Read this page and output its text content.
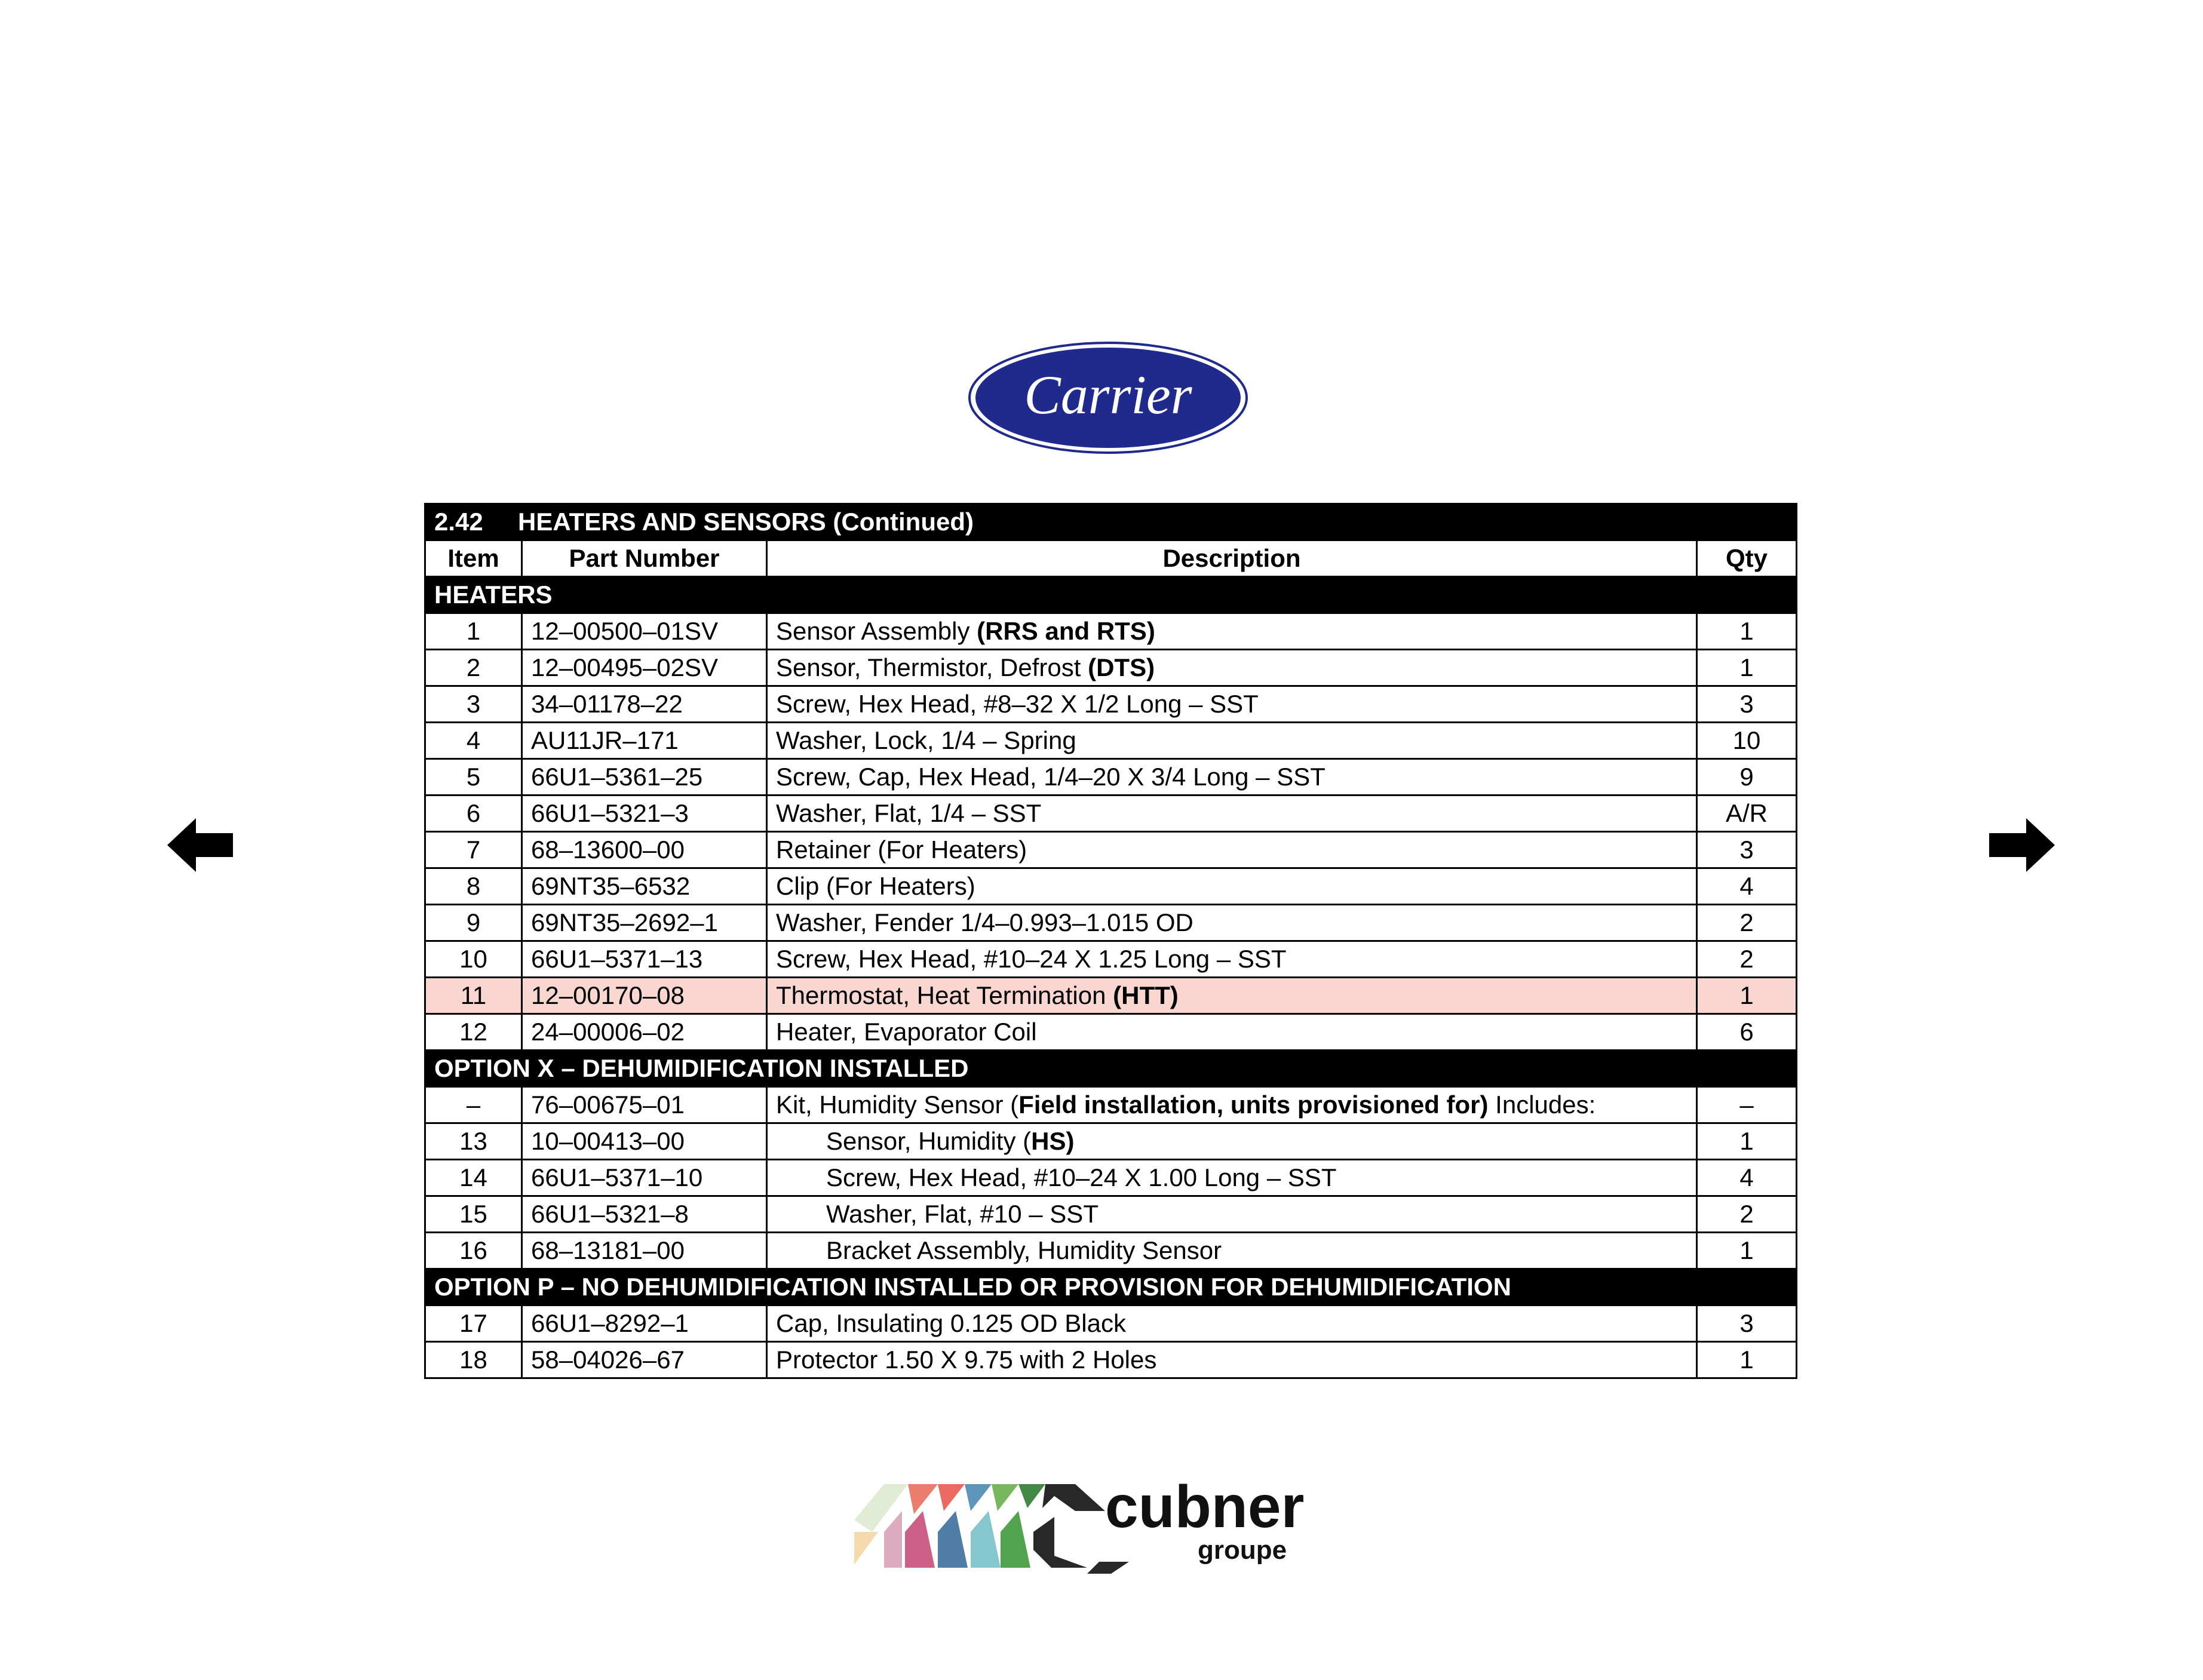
Carrier
2.42 HEATERS AND SENSORS (Continued)			
Item	Part Number	Description	Qty
HEATERS			
1	12–00500–01SV	Sensor Assembly (RRS and RTS)	1
2	12–00495–02SV	Sensor, Thermistor, Defrost (DTS)	1
3	34–01178–22	Screw, Hex Head, #8–32 X 1/2 Long – SST	3
4	AU11JR–171	Washer, Lock, 1/4 – Spring	10
5	66U1–5361–25	Screw, Cap, Hex Head, 1/4–20 X 3/4 Long – SST	9
6	66U1–5321–3	Washer, Flat, 1/4 – SST	A/R
7	68–13600–00	Retainer (For Heaters)	3
8	69NT35–6532	Clip (For Heaters)	4
9	69NT35–2692–1	Washer, Fender 1/4–0.993–1.015 OD	2
10	66U1–5371–13	Screw, Hex Head, #10–24 X 1.25 Long – SST	2
11	12–00170–08	Thermostat, Heat Termination (HTT)	1
12	24–00006–02	Heater, Evaporator Coil	6
OPTION X – DEHUMIDIFICATION INSTALLED			
–	76–00675–01	Kit, Humidity Sensor (Field installation, units provisioned for) Includes:	–
13	10–00413–00	Sensor, Humidity (HS)	1
14	66U1–5371–10	Screw, Hex Head, #10–24 X 1.00 Long – SST	4
15	66U1–5321–8	Washer, Flat, #10 – SST	2
16	68–13181–00	Bracket Assembly, Humidity Sensor	1
OPTION P – NO DEHUMIDIFICATION INSTALLED OR PROVISION FOR DEHUMIDIFICATION			
17	66U1–8292–1	Cap, Insulating 0.125 OD Black	3
18	58–04026–67	Protector 1.50 X 9.75 with 2 Holes	1
cubner
groupe
